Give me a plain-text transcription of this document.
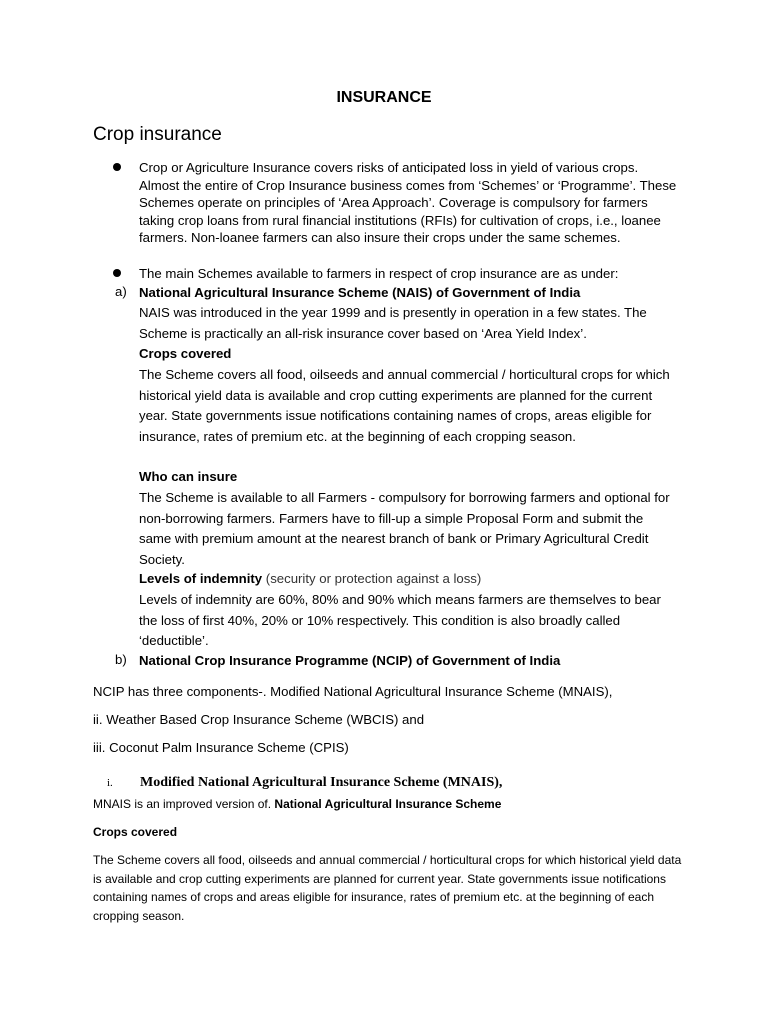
INSURANCE
Crop insurance
Crop or Agriculture Insurance covers risks of anticipated loss in yield of various crops. Almost the entire of Crop Insurance business comes from ‘Schemes’ or ‘Programme’. These Schemes operate on principles of ‘Area Approach’. Coverage is compulsory for farmers taking crop loans from rural financial institutions (RFIs) for cultivation of crops, i.e., loanee farmers. Non-loanee farmers can also insure their crops under the same schemes.
The main Schemes available to farmers in respect of crop insurance are as under:
a) National Agricultural Insurance Scheme (NAIS) of Government of India
NAIS was introduced in the year 1999 and is presently in operation in a few states. The Scheme is practically an all-risk insurance cover based on ‘Area Yield Index’.
Crops covered
The Scheme covers all food, oilseeds and annual commercial / horticultural crops for which historical yield data is available and crop cutting experiments are planned for the current year. State governments issue notifications containing names of crops, areas eligible for insurance, rates of premium etc. at the beginning of each cropping season.
Who can insure
The Scheme is available to all Farmers - compulsory for borrowing farmers and optional for non-borrowing farmers. Farmers have to fill-up a simple Proposal Form and submit the same with premium amount at the nearest branch of bank or Primary Agricultural Credit Society.
Levels of indemnity (security or protection against a loss)
Levels of indemnity are 60%, 80% and 90% which means farmers are themselves to bear the loss of first 40%, 20% or 10% respectively. This condition is also broadly called ‘deductible’.
b) National Crop Insurance Programme (NCIP) of Government of India
NCIP has three components-. Modified National Agricultural Insurance Scheme (MNAIS),
ii. Weather Based Crop Insurance Scheme (WBCIS) and
iii. Coconut Palm Insurance Scheme (CPIS)
i. Modified National Agricultural Insurance Scheme (MNAIS),
MNAIS is an improved version of. National Agricultural Insurance Scheme
Crops covered
The Scheme covers all food, oilseeds and annual commercial / horticultural crops for which historical yield data is available and crop cutting experiments are planned for current year. State governments issue notifications containing names of crops and areas eligible for insurance, rates of premium etc. at the beginning of each cropping season.
